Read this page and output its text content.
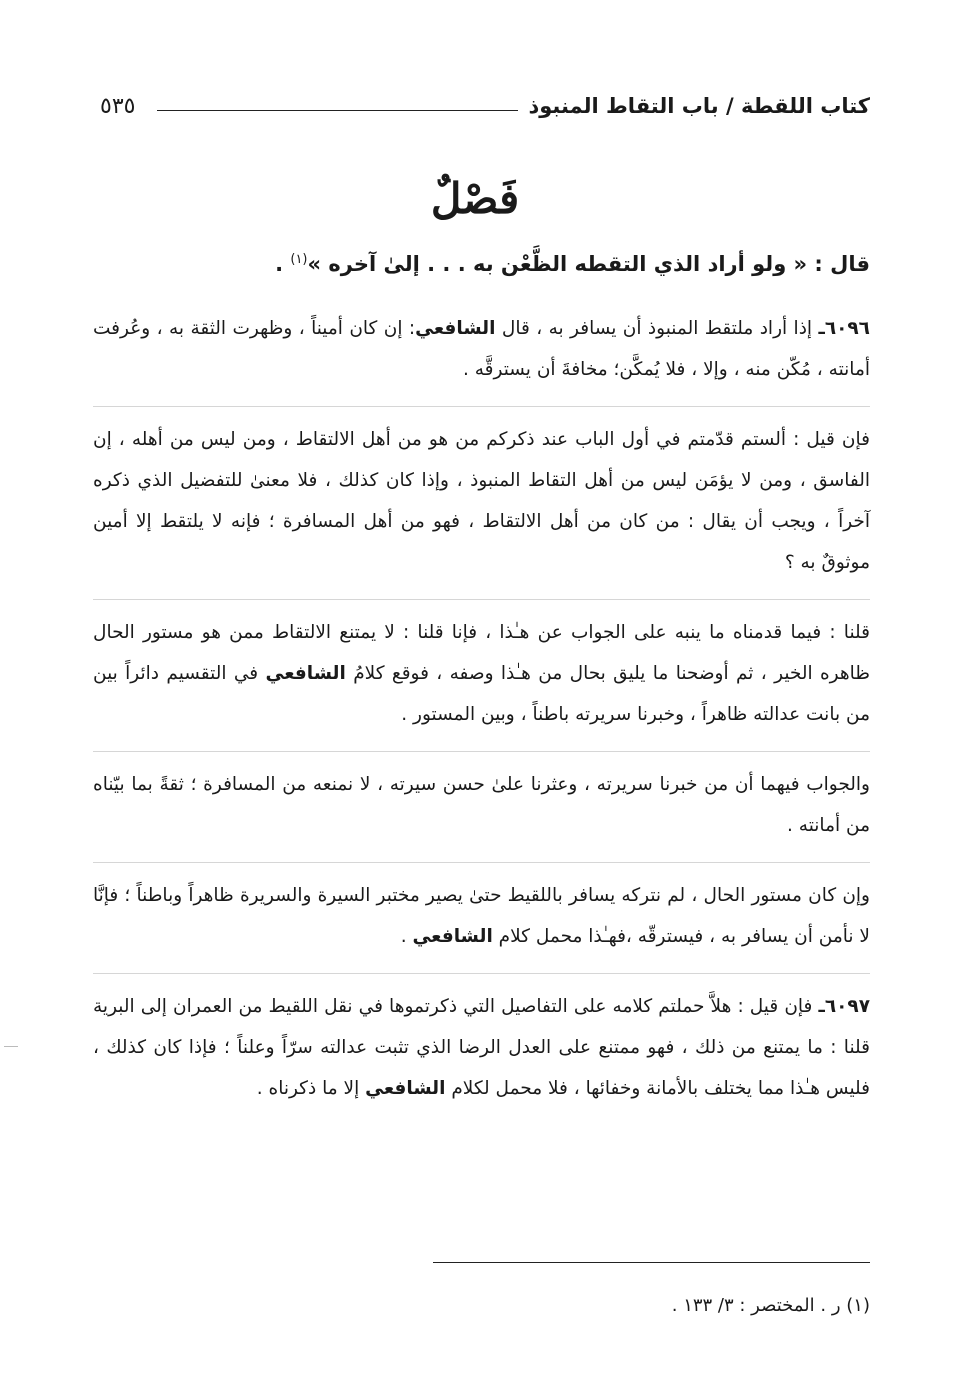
كتاب اللقطة / باب التقاط المنبوذ
٥٣٥
فَصْلٌ
قال : « ولو أراد الذي التقطه الظَّعْن به . . . إلىٰ آخره »$^{(١)}$ .

٦٠٩٦ـ إذا أراد ملتقط المنبوذ أن يسافر به ، قال الشافعي: إن كان أميناً ، وظهرت الثقة به ، وعُرفت أمانته ، مُكّن منه ، وإلا ، فلا يُمكَّن؛ مخافةَ أن يسترقَّه .

فإن قيل : ألستم قدّمتم في أول الباب عند ذكركم من هو من أهل الالتقاط ، ومن ليس من أهله ، إن الفاسق ، ومن لا يؤمَن ليس من أهل التقاط المنبوذ ، وإذا كان كذلك ، فلا معنىٰ للتفضيل الذي ذكره آخراً ، ويجب أن يقال : من كان من أهل الالتقاط ، فهو من أهل المسافرة ؛ فإنه لا يلتقط إلا أمين موثوقٌ به ؟

قلنا : فيما قدمناه ما ينبه على الجواب عن هـٰذا ، فإنا قلنا : لا يمتنع الالتقاط ممن هو مستور الحال ظاهره الخير ، ثم أوضحنا ما يليق بحال من هـٰذا وصفه ، فوقع كلامُ الشافعي في التقسيم دائراً بين من بانت عدالته ظاهراً ، وخبرنا سريرته باطناً ، وبين المستور .

والجواب فيهما أن من خبرنا سريرته ، وعثرنا علىٰ حسن سيرته ، لا نمنعه من المسافرة ؛ ثقةً بما بيّناه من أمانته .

وإن كان مستور الحال ، لم نتركه يسافر باللقيط حتىٰ يصير مختبر السيرة والسريرة ظاهراً وباطناً ؛ فإنَّا لا نأمن أن يسافر به ، فيسترقّه ،فهـٰذا محمل كلام الشافعي .

٦٠٩٧ـ فإن قيل : هلاَّ حملتم كلامه على التفاصيل التي ذكرتموها في نقل اللقيط من العمران إلى البرية قلنا : ما يمتنع من ذلك ، فهو ممتنع على العدل الرضا الذي تثبت عدالته سرّاً وعلناً ؛ فإذا كان كذلك ، فليس هـٰذا مما يختلف بالأمانة وخفائها ، فلا محمل لكلام الشافعي إلا ما ذكرناه .

(١) ر . المختصر : ٣/ ١٣٣ .
